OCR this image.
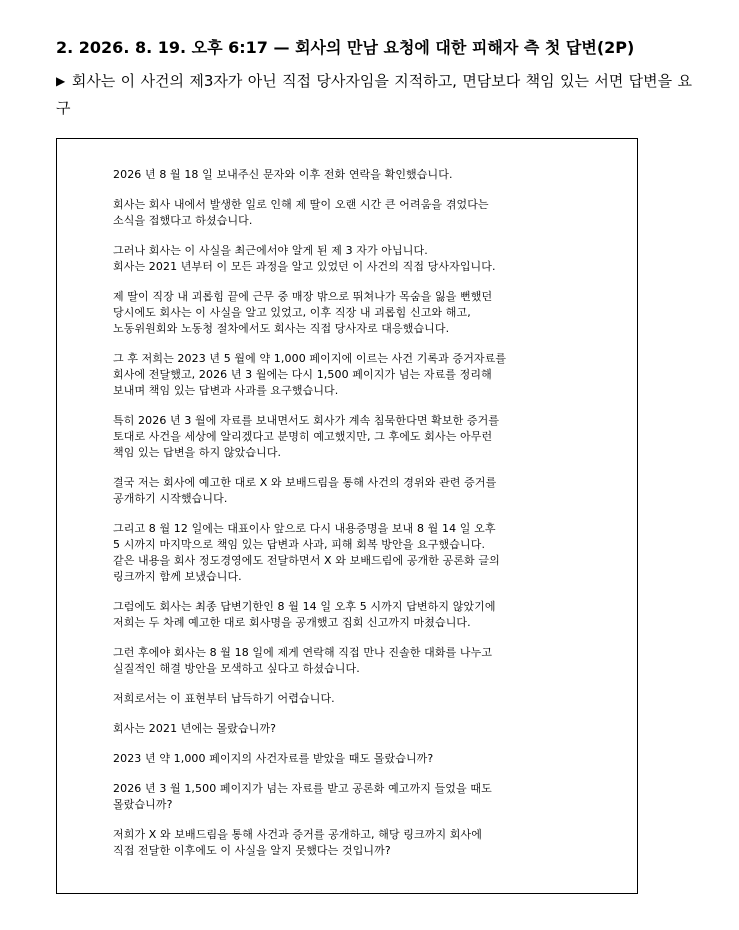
2. 2026. 8. 19. 오후 6:17 — 회사의 만남 요청에 대한 피해자 측 첫 답변(2P)
▶ 회사는 이 사건의 제3자가 아닌 직접 당사자임을 지적하고, 면담보다 책임 있는 서면 답변을 요구

2026 년 8 월 18 일 보내주신 문자와 이후 전화 연락을 확인했습니다.

회사는 회사 내에서 발생한 일로 인해 제 딸이 오랜 시간 큰 어려움을 겪었다는
소식을 접했다고 하셨습니다.

그러나 회사는 이 사실을 최근에서야 알게 된 제 3 자가 아닙니다.
회사는 2021 년부터 이 모든 과정을 알고 있었던 이 사건의 직접 당사자입니다.

제 딸이 직장 내 괴롭힘 끝에 근무 중 매장 밖으로 뛰쳐나가 목숨을 잃을 뻔했던
당시에도 회사는 이 사실을 알고 있었고, 이후 직장 내 괴롭힘 신고와 해고,
노동위원회와 노동청 절차에서도 회사는 직접 당사자로 대응했습니다.

그 후 저희는 2023 년 5 월에 약 1,000 페이지에 이르는 사건 기록과 증거자료를
회사에 전달했고, 2026 년 3 월에는 다시 1,500 페이지가 넘는 자료를 정리해
보내며 책임 있는 답변과 사과를 요구했습니다.

특히 2026 년 3 월에 자료를 보내면서도 회사가 계속 침묵한다면 확보한 증거를
토대로 사건을 세상에 알리겠다고 분명히 예고했지만, 그 후에도 회사는 아무런
책임 있는 답변을 하지 않았습니다.

결국 저는 회사에 예고한 대로 X 와 보배드림을 통해 사건의 경위와 관련 증거를
공개하기 시작했습니다.

그리고 8 월 12 일에는 대표이사 앞으로 다시 내용증명을 보내 8 월 14 일 오후
5 시까지 마지막으로 책임 있는 답변과 사과, 피해 회복 방안을 요구했습니다.
같은 내용을 회사 정도경영에도 전달하면서 X 와 보배드림에 공개한 공론화 글의
링크까지 함께 보냈습니다.

그럼에도 회사는 최종 답변기한인 8 월 14 일 오후 5 시까지 답변하지 않았기에
저희는 두 차례 예고한 대로 회사명을 공개했고 집회 신고까지 마쳤습니다.

그런 후에야 회사는 8 월 18 일에 제게 연락해 직접 만나 진솔한 대화를 나누고
실질적인 해결 방안을 모색하고 싶다고 하셨습니다.

저희로서는 이 표현부터 납득하기 어렵습니다.

회사는 2021 년에는 몰랐습니까?

2023 년 약 1,000 페이지의 사건자료를 받았을 때도 몰랐습니까?

2026 년 3 월 1,500 페이지가 넘는 자료를 받고 공론화 예고까지 들었을 때도
몰랐습니까?

저희가 X 와 보배드림을 통해 사건과 증거를 공개하고, 해당 링크까지 회사에
직접 전달한 이후에도 이 사실을 알지 못했다는 것입니까?
